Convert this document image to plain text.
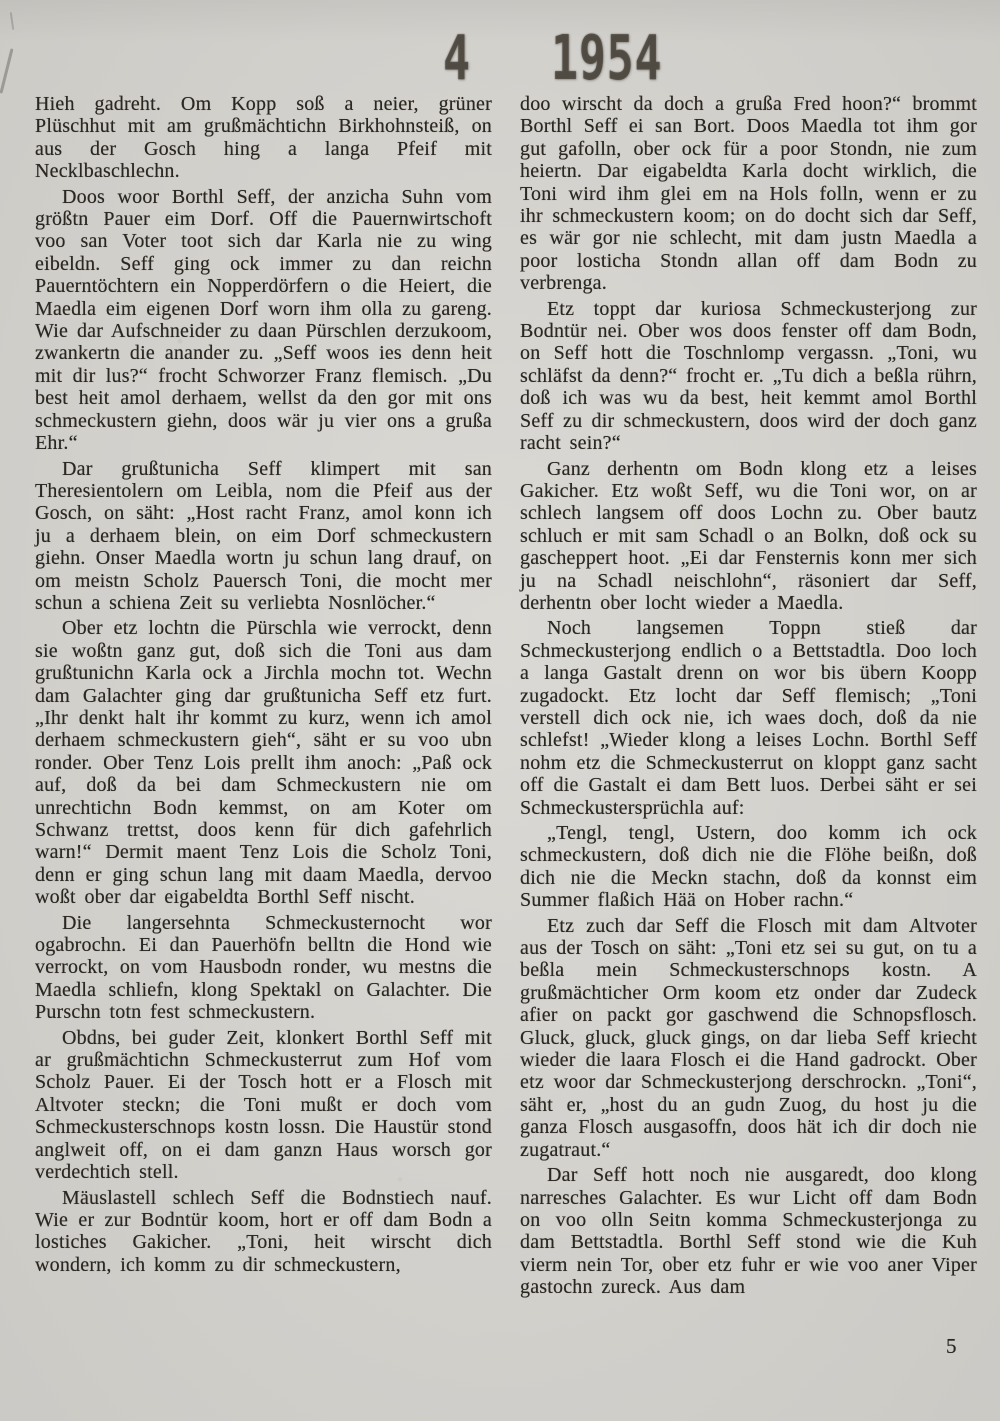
4 1954

Hieh gadreht. Om Kopp soß a neier, grüner Plüschhut mit am grußmächtichn Birkhohnsteiß, on aus der Gosch hing a langa Pfeif mit Necklbaschlechn.

Doos woor Borthl Seff, der anzicha Suhn vom größtn Pauer eim Dorf. Off die Pauernwirtschoft voo san Voter toot sich dar Karla nie zu wing eibeldn. Seff ging ock immer zu dan reichn Pauerntöchtern ein Nopperdörfern o die Heiert, die Maedla eim eigenen Dorf worn ihm olla zu gareng. Wie dar Aufschneider zu daan Pürschlen derzukoom, zwankertn die anander zu. „Seff woos ies denn heit mit dir lus?“ frocht Schworzer Franz flemisch. „Du best heit amol derhaem, wellst da den gor mit ons schmeckustern giehn, doos wär ju vier ons a grußa Ehr.“

Dar grußtunicha Seff klimpert mit san Theresientolern om Leibla, nom die Pfeif aus der Gosch, on säht: „Host racht Franz, amol konn ich ju a derhaem blein, on eim Dorf schmeckustern giehn. Onser Maedla wortn ju schun lang drauf, on om meistn Scholz Pauersch Toni, die mocht mer schun a schiena Zeit su verliebta Nosnlöcher.“

Ober etz lochtn die Pürschla wie verrockt, denn sie woßtn ganz gut, doß sich die Toni aus dam grußtunichn Karla ock a Jirchla mochn tot. Wechn dam Galachter ging dar grußtunicha Seff etz furt. „Ihr denkt halt ihr kommt zu kurz, wenn ich amol derhaem schmeckustern gieh“, säht er su voo ubn ronder. Ober Tenz Lois prellt ihm anoch: „Paß ock auf, doß da bei dam Schmeckustern nie om unrechtichn Bodn kemmst, on am Koter om Schwanz trettst, doos kenn für dich gafehrlich warn!“ Dermit maent Tenz Lois die Scholz Toni, denn er ging schun lang mit daam Maedla, dervoo woßt ober dar eigabeldta Borthl Seff nischt.

Die langersehnta Schmeckusternocht wor ogabrochn. Ei dan Pauerhöfn belltn die Hond wie verrockt, on vom Hausbodn ronder, wu mestns die Maedla schliefn, klong Spektakl on Galachter. Die Purschn totn fest schmeckustern.

Obdns, bei guder Zeit, klonkert Borthl Seff mit ar grußmächtichn Schmeckusterrut zum Hof vom Scholz Pauer. Ei der Tosch hott er a Flosch mit Altvoter steckn; die Toni mußt er doch vom Schmeckusterschnops kostn lossn. Die Haustür stond anglweit off, on ei dam ganzn Haus worsch gor verdechtich stell.

Mäuslastell schlech Seff die Bodnstiech nauf. Wie er zur Bodntür koom, hort er off dam Bodn a lostiches Gakicher. „Toni, heit wirscht dich wondern, ich komm zu dir schmeckustern,

doo wirscht da doch a grußa Fred hoon?“ brommt Borthl Seff ei san Bort. Doos Maedla tot ihm gor gut gafolln, ober ock für a poor Stondn, nie zum heiertn. Dar eigabeldta Karla docht wirklich, die Toni wird ihm glei em na Hols folln, wenn er zu ihr schmeckustern koom; on do docht sich dar Seff, es wär gor nie schlecht, mit dam justn Maedla a poor losticha Stondn allan off dam Bodn zu verbrenga.

Etz toppt dar kuriosa Schmeckusterjong zur Bodntür nei. Ober wos doos fenster off dam Bodn, on Seff hott die Toschnlomp vergassn. „Toni, wu schläfst da denn?“ frocht er. „Tu dich a beßla rührn, doß ich was wu da best, heit kemmt amol Borthl Seff zu dir schmeckustern, doos wird der doch ganz racht sein?“

Ganz derhentn om Bodn klong etz a leises Gakicher. Etz woßt Seff, wu die Toni wor, on ar schlech langsem off doos Lochn zu. Ober bautz schluch er mit sam Schadl o an Bolkn, doß ock su gascheppert hoot. „Ei dar Fensternis konn mer sich ju na Schadl neischlohn“, räsoniert dar Seff, derhentn ober locht wieder a Maedla.

Noch langsemen Toppn stieß dar Schmeckusterjong endlich o a Bettstadtla. Doo loch a langa Gastalt drenn on wor bis übern Koopp zugadockt. Etz locht dar Seff flemisch; „Toni verstell dich ock nie, ich waes doch, doß da nie schlefst! „Wieder klong a leises Lochn. Borthl Seff nohm etz die Schmeckusterrut on kloppt ganz sacht off die Gastalt ei dam Bett luos. Derbei säht er sei Schmeckustersprüchla auf:

„Tengl, tengl, Ustern, doo komm ich ock schmeckustern, doß dich nie die Flöhe beißn, doß dich nie die Meckn stachn, doß da konnst eim Summer flaßich Hää on Hober rachn.“

Etz zuch dar Seff die Flosch mit dam Altvoter aus der Tosch on säht: „Toni etz sei su gut, on tu a beßla mein Schmeckusterschnops kostn. A grußmächticher Orm koom etz onder dar Zudeck afier on packt gor gaschwend die Schnopsflosch. Gluck, gluck, gluck gings, on dar lieba Seff kriecht wieder die laara Flosch ei die Hand gadrockt. Ober etz woor dar Schmeckusterjong derschrockn. „Toni“, säht er, „host du an gudn Zuog, du host ju die ganza Flosch ausgasoffn, doos hät ich dir doch nie zugatraut.“

Dar Seff hott noch nie ausgaredt, doo klong narresches Galachter. Es wur Licht off dam Bodn on voo olln Seitn komma Schmeckusterjonga zu dam Bettstadtla. Borthl Seff stond wie die Kuh vierm nein Tor, ober etz fuhr er wie voo aner Viper gastochn zureck. Aus dam

5
